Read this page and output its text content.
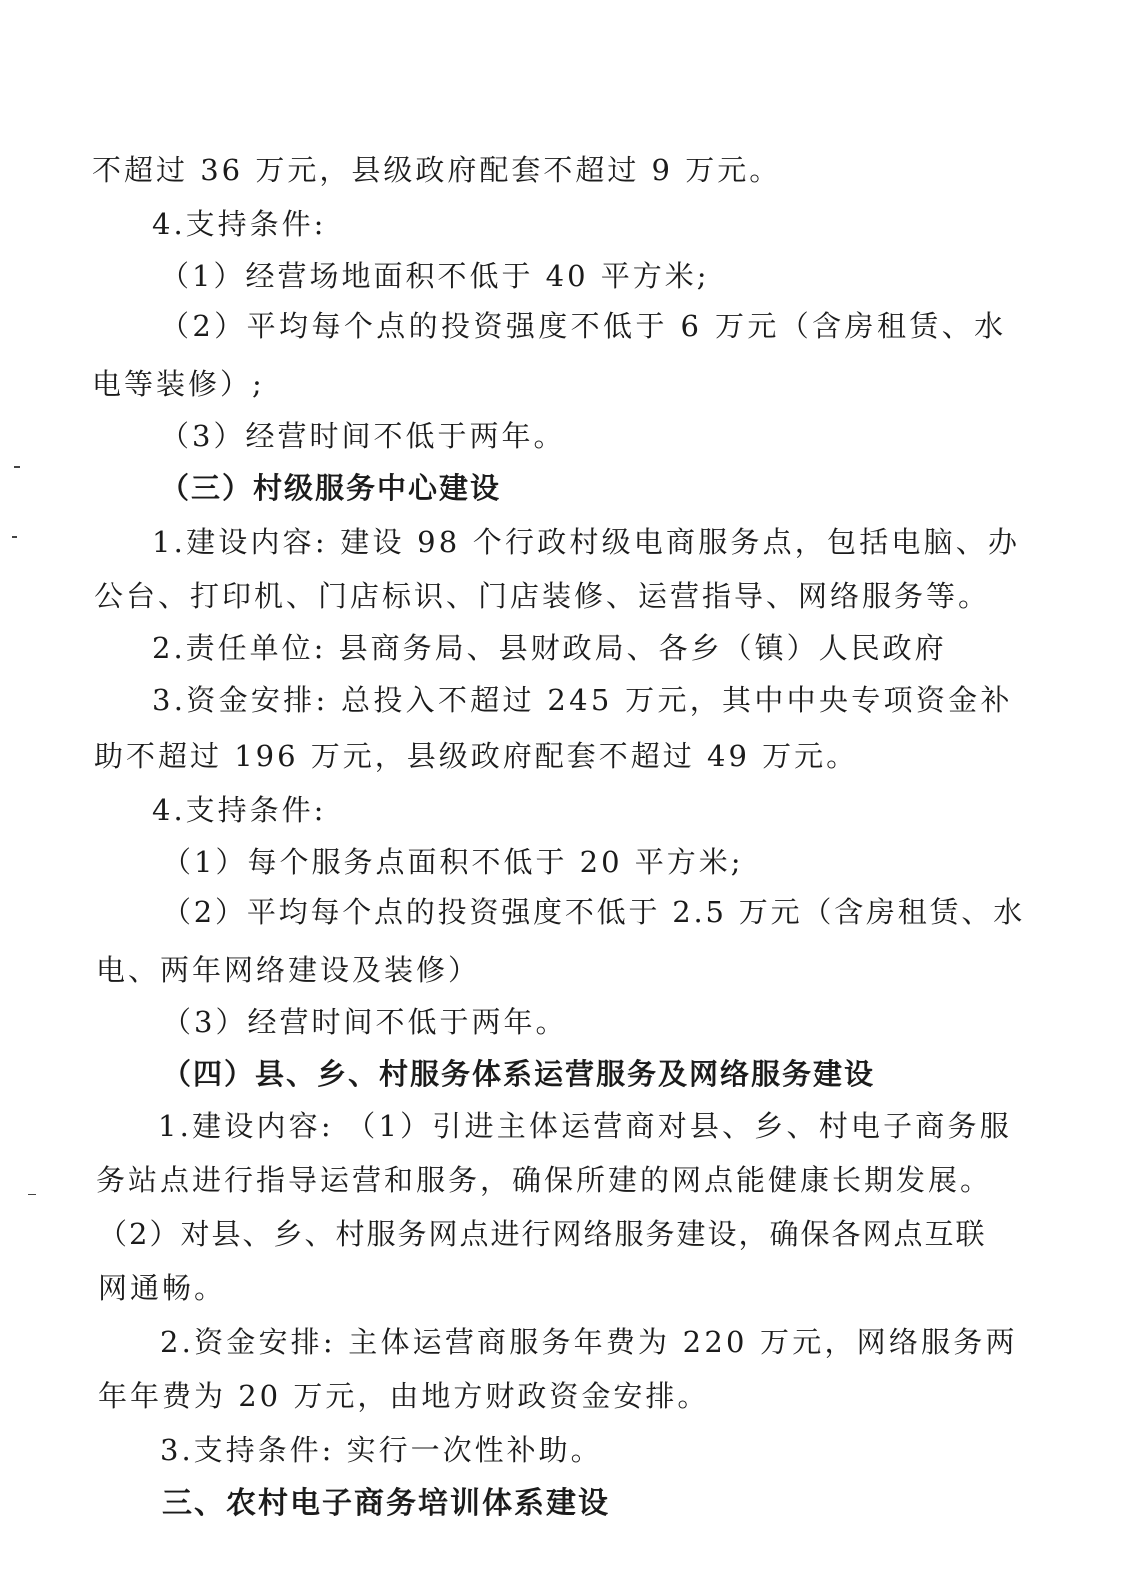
不超过 36 万元，县级政府配套不超过 9 万元。
4.支持条件:
（1）经营场地面积不低于 40 平方米;
（2）平均每个点的投资强度不低于 6 万元（含房租赁、水
电等装修）;
（3）经营时间不低于两年。
（三）村级服务中心建设
1.建设内容: 建设 98 个行政村级电商服务点，包括电脑、办
公台、打印机、门店标识、门店装修、运营指导、网络服务等。
2.责任单位: 县商务局、县财政局、各乡（镇）人民政府
3.资金安排: 总投入不超过 245 万元，其中中央专项资金补
助不超过 196 万元，县级政府配套不超过 49 万元。
4.支持条件:
（1）每个服务点面积不低于 20 平方米;
（2）平均每个点的投资强度不低于 2.5 万元（含房租赁、水
电、两年网络建设及装修）
（3）经营时间不低于两年。
（四）县、乡、村服务体系运营服务及网络服务建设
1.建设内容: （1）引进主体运营商对县、乡、村电子商务服
务站点进行指导运营和服务，确保所建的网点能健康长期发展。
（2）对县、乡、村服务网点进行网络服务建设，确保各网点互联
网通畅。
2.资金安排: 主体运营商服务年费为 220 万元，网络服务两
年年费为 20 万元，由地方财政资金安排。
3.支持条件: 实行一次性补助。
三、农村电子商务培训体系建设
